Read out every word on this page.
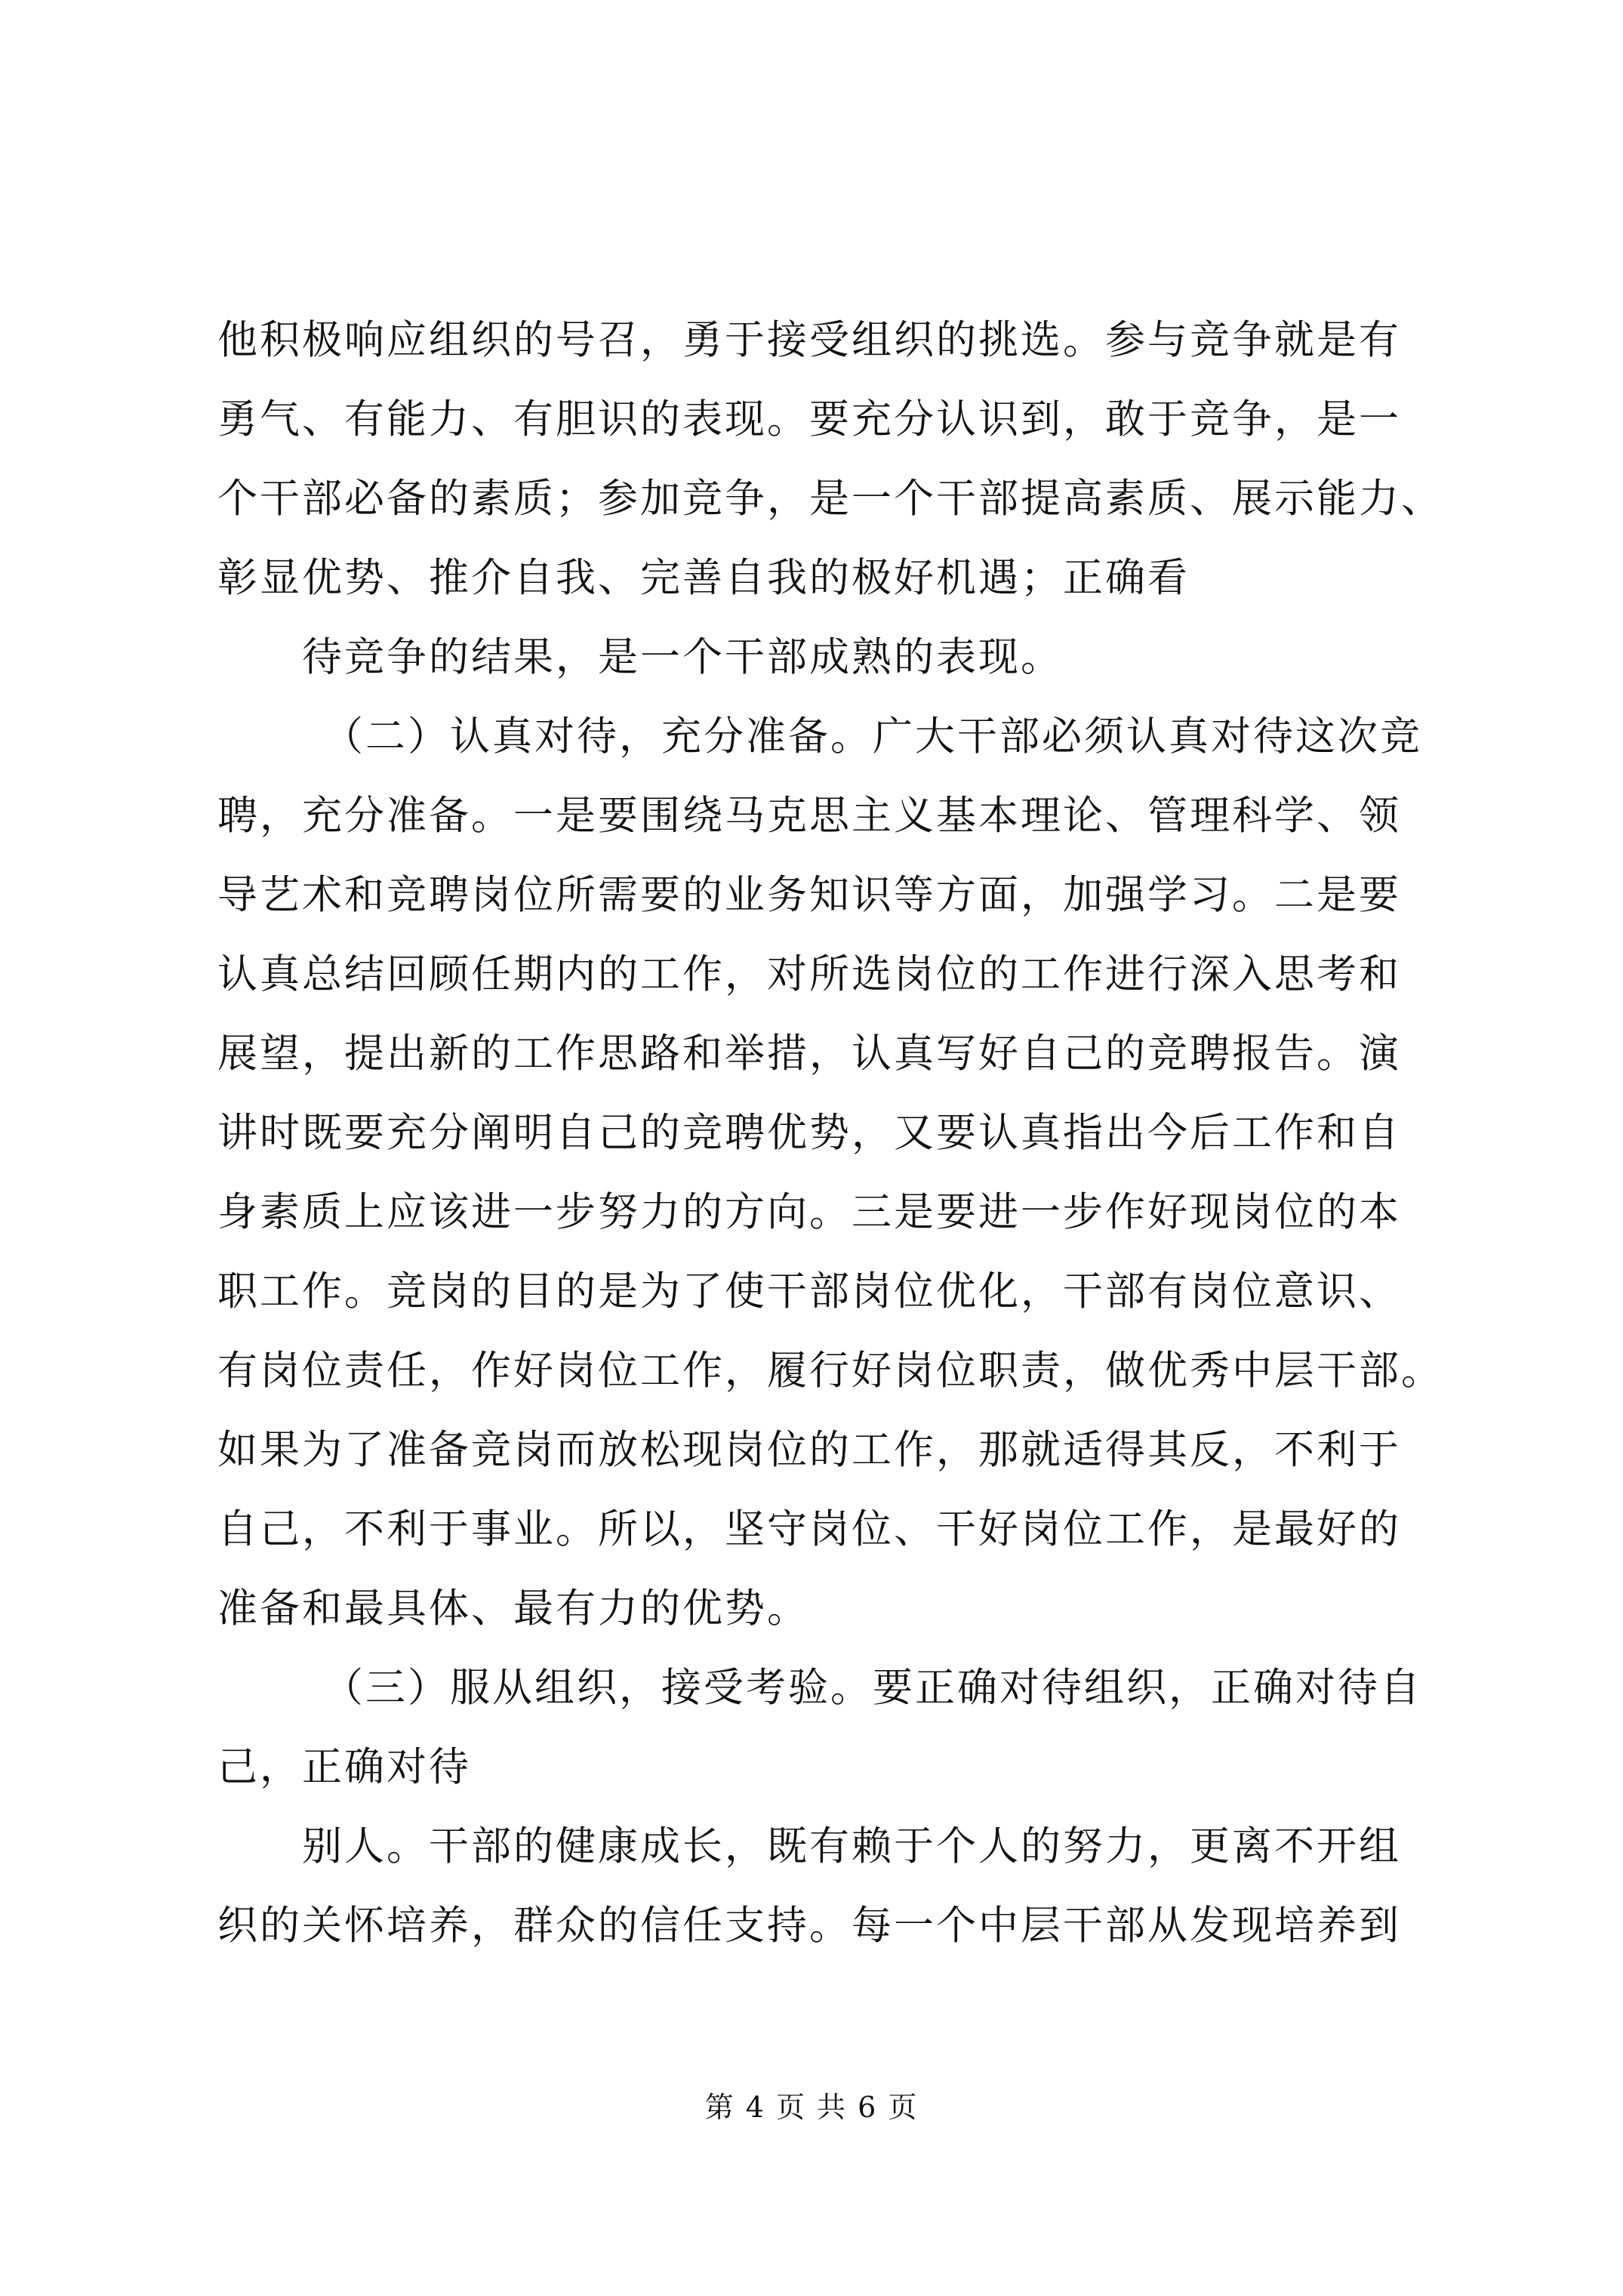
他积极响应组织的号召，勇于接受组织的挑选。参与竞争就是有
勇气、有能力、有胆识的表现。要充分认识到，敢于竞争，是一
个干部必备的素质；参加竞争，是一个干部提高素质、展示能力、
彰显优势、推介自我、完善自我的极好机遇；正确看
待竞争的结果，是一个干部成熟的表现。
（二）认真对待，充分准备。广大干部必须认真对待这次竞
聘，充分准备。一是要围绕马克思主义基本理论、管理科学、领
导艺术和竞聘岗位所需要的业务知识等方面，加强学习。二是要
认真总结回顾任期内的工作，对所选岗位的工作进行深入思考和
展望，提出新的工作思路和举措，认真写好自己的竞聘报告。演
讲时既要充分阐明自己的竞聘优势，又要认真指出今后工作和自
身素质上应该进一步努力的方向。三是要进一步作好现岗位的本
职工作。竞岗的目的是为了使干部岗位优化，干部有岗位意识、
有岗位责任，作好岗位工作，履行好岗位职责，做优秀中层干部。
如果为了准备竞岗而放松现岗位的工作，那就适得其反，不利于
自己，不利于事业。所以，坚守岗位、干好岗位工作，是最好的
准备和最具体、最有力的优势。
（三）服从组织，接受考验。要正确对待组织，正确对待自
己，正确对待
别人。干部的健康成长，既有赖于个人的努力，更离不开组
织的关怀培养，群众的信任支持。每一个中层干部从发现培养到
第 4 页 共 6 页
